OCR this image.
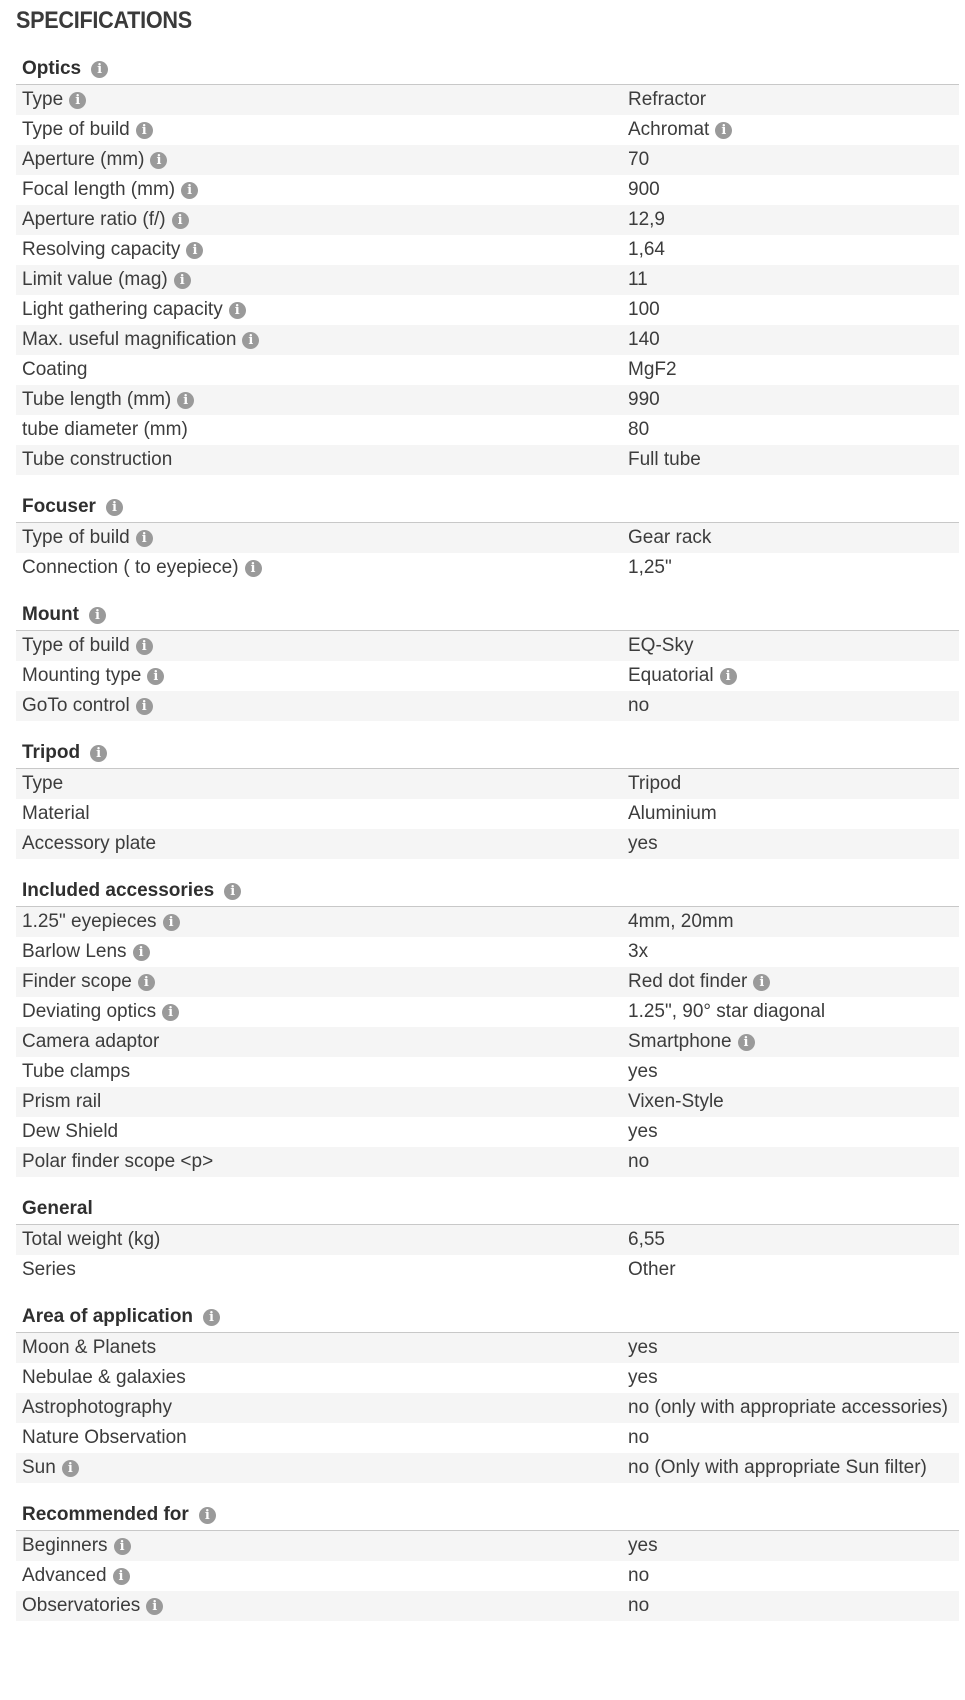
SPECIFICATIONS
Optics	i
Type i	Refractor
Type of build i	Achromat i
Aperture (mm) i	70
Focal length (mm) i	900
Aperture ratio (f/) i	12,9
Resolving capacity i	1,64
Limit value (mag) i	11
Light gathering capacity i	100
Max. useful magnification i	140
Coating	MgF2
Tube length (mm) i	990
tube diameter (mm)	80
Tube construction	Full tube
Focuser	i
Type of build i	Gear rack
Connection ( to eyepiece) i	1,25"
Mount	i
Type of build i	EQ-Sky
Mounting type i	Equatorial i
GoTo control i	no
Tripod	i
Type	Tripod
Material	Aluminium
Accessory plate	yes
Included accessories	i
1.25" eyepieces i	4mm, 20mm
Barlow Lens i	3x
Finder scope i	Red dot finder i
Deviating optics i	1.25", 90° star diagonal
Camera adaptor	Smartphone i
Tube clamps	yes
Prism rail	Vixen-Style
Dew Shield	yes
Polar finder scope <p>	no
General
Total weight (kg)	6,55
Series	Other
Area of application	i
Moon & Planets	yes
Nebulae & galaxies	yes
Astrophotography	no (only with appropriate accessories)
Nature Observation	no
Sun i	no (Only with appropriate Sun filter)
Recommended for	i
Beginners i	yes
Advanced i	no
Observatories i	no
